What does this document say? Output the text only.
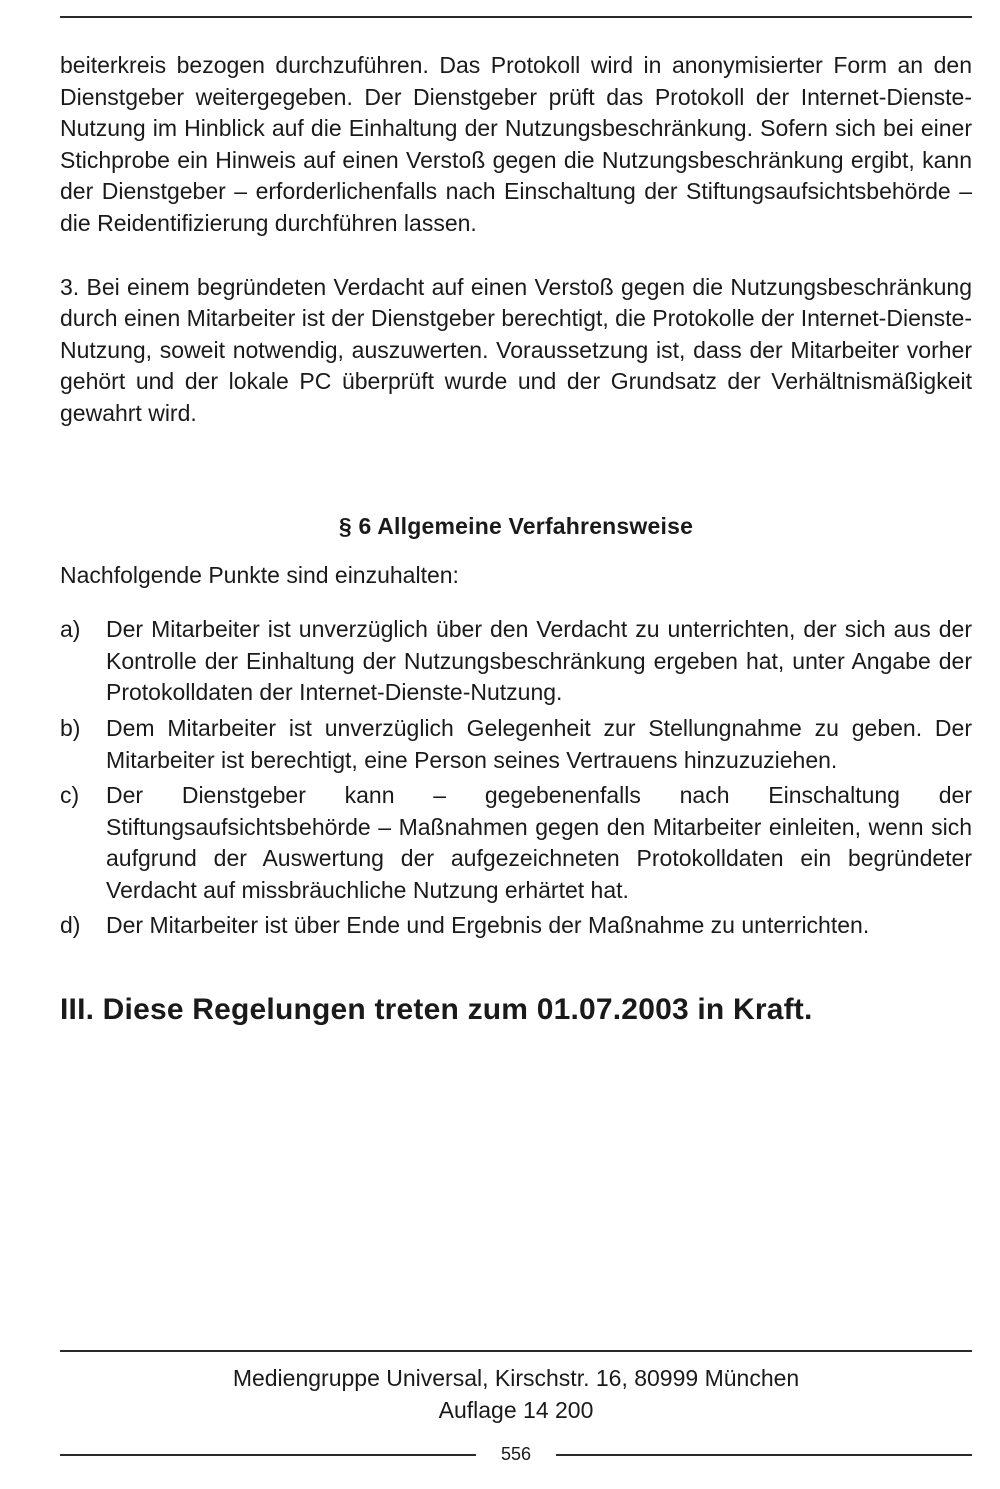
beiterkreis bezogen durchzuführen. Das Protokoll wird in anonymisierter Form an den Dienstgeber weitergegeben. Der Dienstgeber prüft das Protokoll der Internet-Dienste-Nutzung im Hinblick auf die Einhaltung der Nutzungsbeschränkung. Sofern sich bei einer Stichprobe ein Hinweis auf einen Verstoß gegen die Nutzungsbeschränkung ergibt, kann der Dienstgeber – erforderlichenfalls nach Einschaltung der Stiftungsaufsichtsbehörde – die Reidentifizierung durchführen lassen.

3. Bei einem begründeten Verdacht auf einen Verstoß gegen die Nutzungsbeschränkung durch einen Mitarbeiter ist der Dienstgeber berechtigt, die Protokolle der Internet-Dienste-Nutzung, soweit notwendig, auszuwerten. Voraussetzung ist, dass der Mitarbeiter vorher gehört und der lokale PC überprüft wurde und der Grundsatz der Verhältnismäßigkeit gewahrt wird.

§ 6 Allgemeine Verfahrensweise

Nachfolgende Punkte sind einzuhalten:

a)	Der Mitarbeiter ist unverzüglich über den Verdacht zu unterrichten, der sich aus der Kontrolle der Einhaltung der Nutzungsbeschränkung ergeben hat, unter Angabe der Protokolldaten der Internet-Dienste-Nutzung.
b)	Dem Mitarbeiter ist unverzüglich Gelegenheit zur Stellungnahme zu geben. Der Mitarbeiter ist berechtigt, eine Person seines Vertrauens hinzuzuziehen.
c)	Der Dienstgeber kann – gegebenenfalls nach Einschaltung der Stiftungsaufsichtsbehörde – Maßnahmen gegen den Mitarbeiter einleiten, wenn sich aufgrund der Auswertung der aufgezeichneten Protokolldaten ein begründeter Verdacht auf missbräuchliche Nutzung erhärtet hat.
d)	Der Mitarbeiter ist über Ende und Ergebnis der Maßnahme zu unterrichten.
III. Diese Regelungen treten zum 01.07.2003 in Kraft.
Mediengruppe Universal, Kirschstr. 16, 80999 München
Auflage 14 200
556
